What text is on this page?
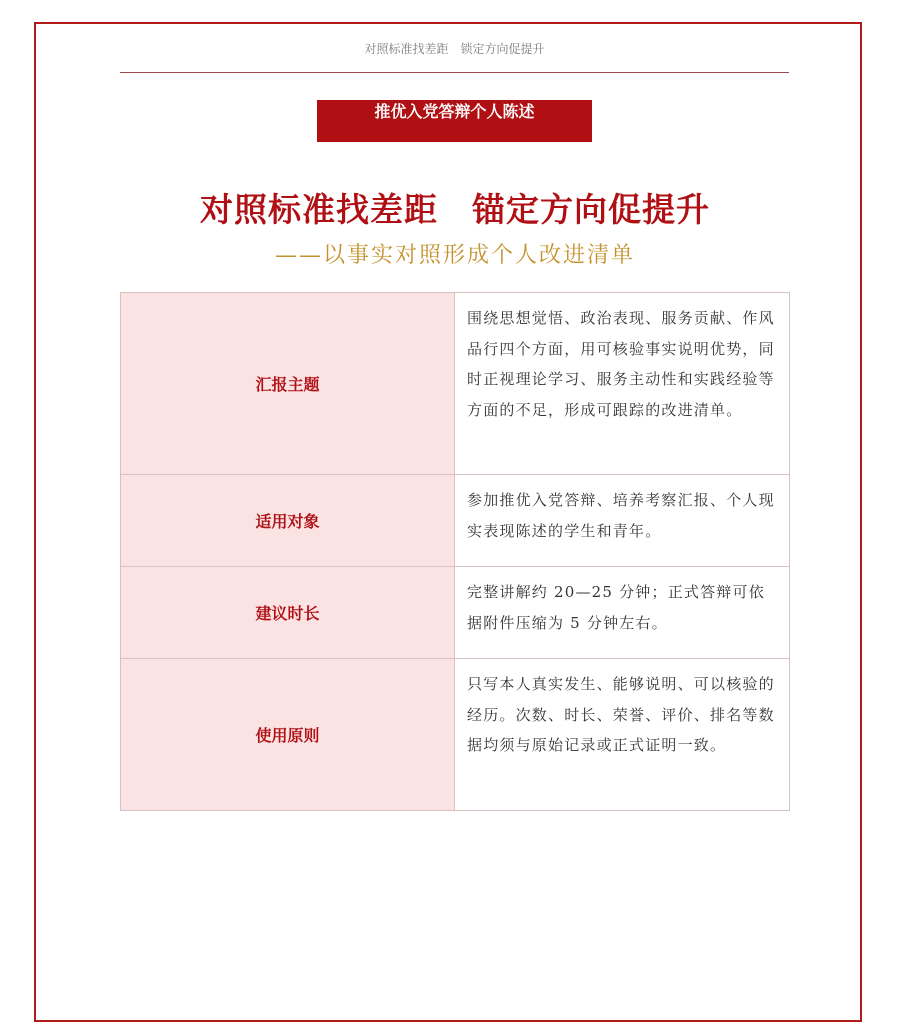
对照标准找差距　锁定方向促提升
推优入党答辩个人陈述
对照标准找差距　锚定方向促提升
——以事实对照形成个人改进清单
汇报主题	围绕思想觉悟、政治表现、服务贡献、作风品行四个方面，用可核验事实说明优势，同时正视理论学习、服务主动性和实践经验等方面的不足，形成可跟踪的改进清单。
适用对象	参加推优入党答辩、培养考察汇报、个人现实表现陈述的学生和青年。
建议时长	完整讲解约 20—25 分钟；正式答辩可依据附件压缩为 5 分钟左右。
使用原则	只写本人真实发生、能够说明、可以核验的经历。次数、时长、荣誉、评价、排名等数据均须与原始记录或正式证明一致。
